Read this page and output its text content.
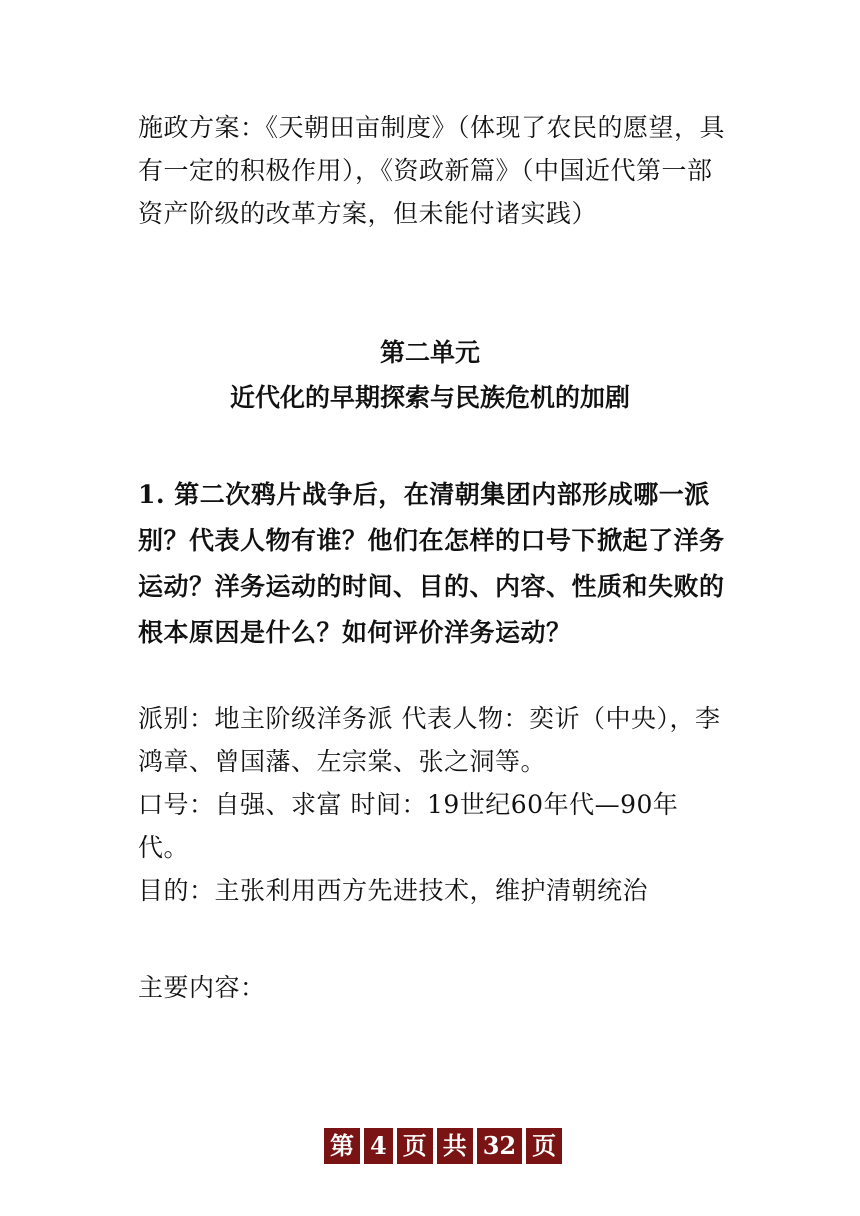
施政方案：《天朝田亩制度》（体现了农民的愿望，具有一定的积极作用），《资政新篇》（中国近代第一部资产阶级的改革方案，但未能付诸实践）

第二单元
近代化的早期探索与民族危机的加剧

1. 第二次鸦片战争后，在清朝集团内部形成哪一派别？代表人物有谁？他们在怎样的口号下掀起了洋务运动？洋务运动的时间、目的、内容、性质和失败的根本原因是什么？如何评价洋务运动？

派别：地主阶级洋务派 代表人物：奕䜣（中央），李鸿章、曾国藩、左宗棠、张之洞等。

口号：自强、求富 时间：19世纪60年代—90年代。

目的：主张利用西方先进技术，维护清朝统治

主要内容：

第 4 页 共 32 页
